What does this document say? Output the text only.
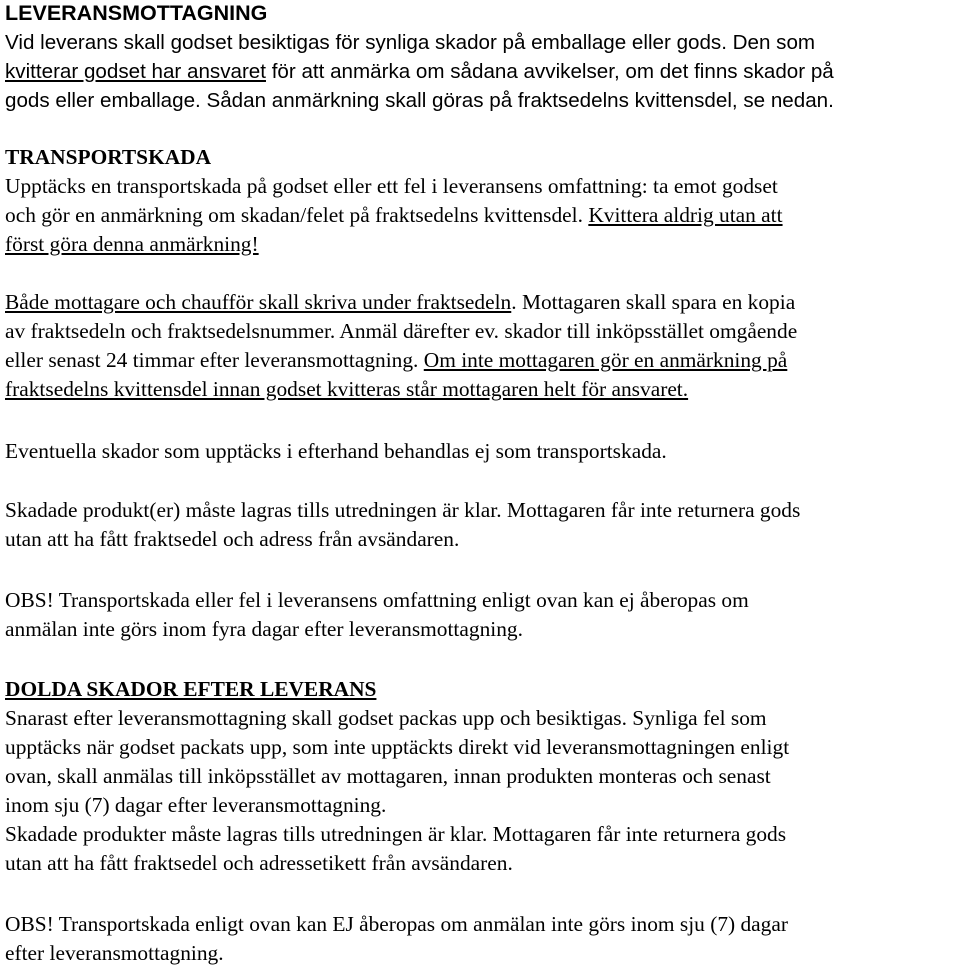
LEVERANSMOTTAGNING
Vid leverans skall godset besiktigas för synliga skador på emballage eller gods. Den som
kvitterar godset har ansvaret för att anmärka om sådana avvikelser, om det finns skador på
gods eller emballage. Sådan anmärkning skall göras på fraktsedelns kvittensdel, se nedan.
TRANSPORTSKADA
Upptäcks en transportskada på godset eller ett fel i leveransens omfattning: ta emot godset
och gör en anmärkning om skadan/felet på fraktsedelns kvittensdel. Kvittera aldrig utan att
först göra denna anmärkning!
Både mottagare och chaufför skall skriva under fraktsedeln. Mottagaren skall spara en kopia
av fraktsedeln och fraktsedelsnummer. Anmäl därefter ev. skador till inköpsstället omgående
eller senast 24 timmar efter leveransmottagning. Om inte mottagaren gör en anmärkning på
fraktsedelns kvittensdel innan godset kvitteras står mottagaren helt för ansvaret.
Eventuella skador som upptäcks i efterhand behandlas ej som transportskada.
Skadade produkt(er) måste lagras tills utredningen är klar. Mottagaren får inte returnera gods
utan att ha fått fraktsedel och adress från avsändaren.
OBS! Transportskada eller fel i leveransens omfattning enligt ovan kan ej åberopas om
anmälan inte görs inom fyra dagar efter leveransmottagning.
DOLDA SKADOR EFTER LEVERANS
Snarast efter leveransmottagning skall godset packas upp och besiktigas. Synliga fel som
upptäcks när godset packats upp, som inte upptäckts direkt vid leveransmottagningen enligt
ovan, skall anmälas till inköpsstället av mottagaren, innan produkten monteras och senast
inom sju (7) dagar efter leveransmottagning.
Skadade produkter måste lagras tills utredningen är klar. Mottagaren får inte returnera gods
utan att ha fått fraktsedel och adressetikett från avsändaren.
OBS! Transportskada enligt ovan kan EJ åberopas om anmälan inte görs inom sju (7) dagar
efter leveransmottagning.
